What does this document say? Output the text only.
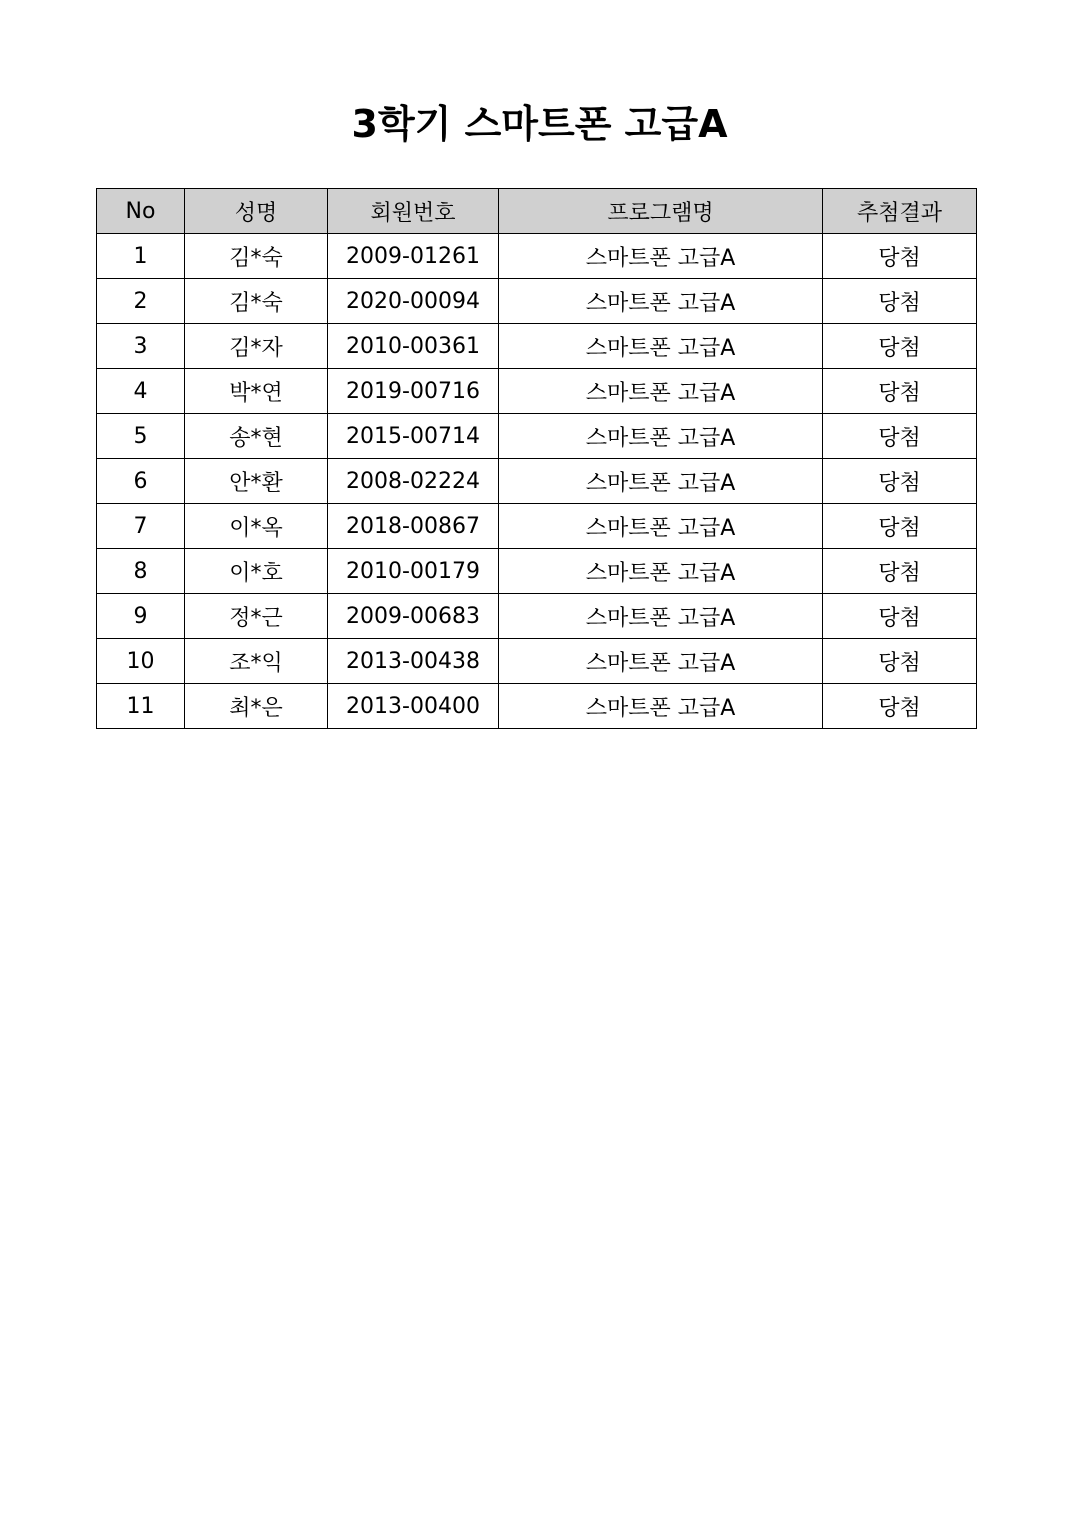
3학기 스마트폰 고급A
No	성명	회원번호	프로그램명	추첨결과
1	김*숙	2009-01261	스마트폰 고급A	당첨
2	김*숙	2020-00094	스마트폰 고급A	당첨
3	김*자	2010-00361	스마트폰 고급A	당첨
4	박*연	2019-00716	스마트폰 고급A	당첨
5	송*현	2015-00714	스마트폰 고급A	당첨
6	안*환	2008-02224	스마트폰 고급A	당첨
7	이*옥	2018-00867	스마트폰 고급A	당첨
8	이*호	2010-00179	스마트폰 고급A	당첨
9	정*근	2009-00683	스마트폰 고급A	당첨
10	조*익	2013-00438	스마트폰 고급A	당첨
11	최*은	2013-00400	스마트폰 고급A	당첨
